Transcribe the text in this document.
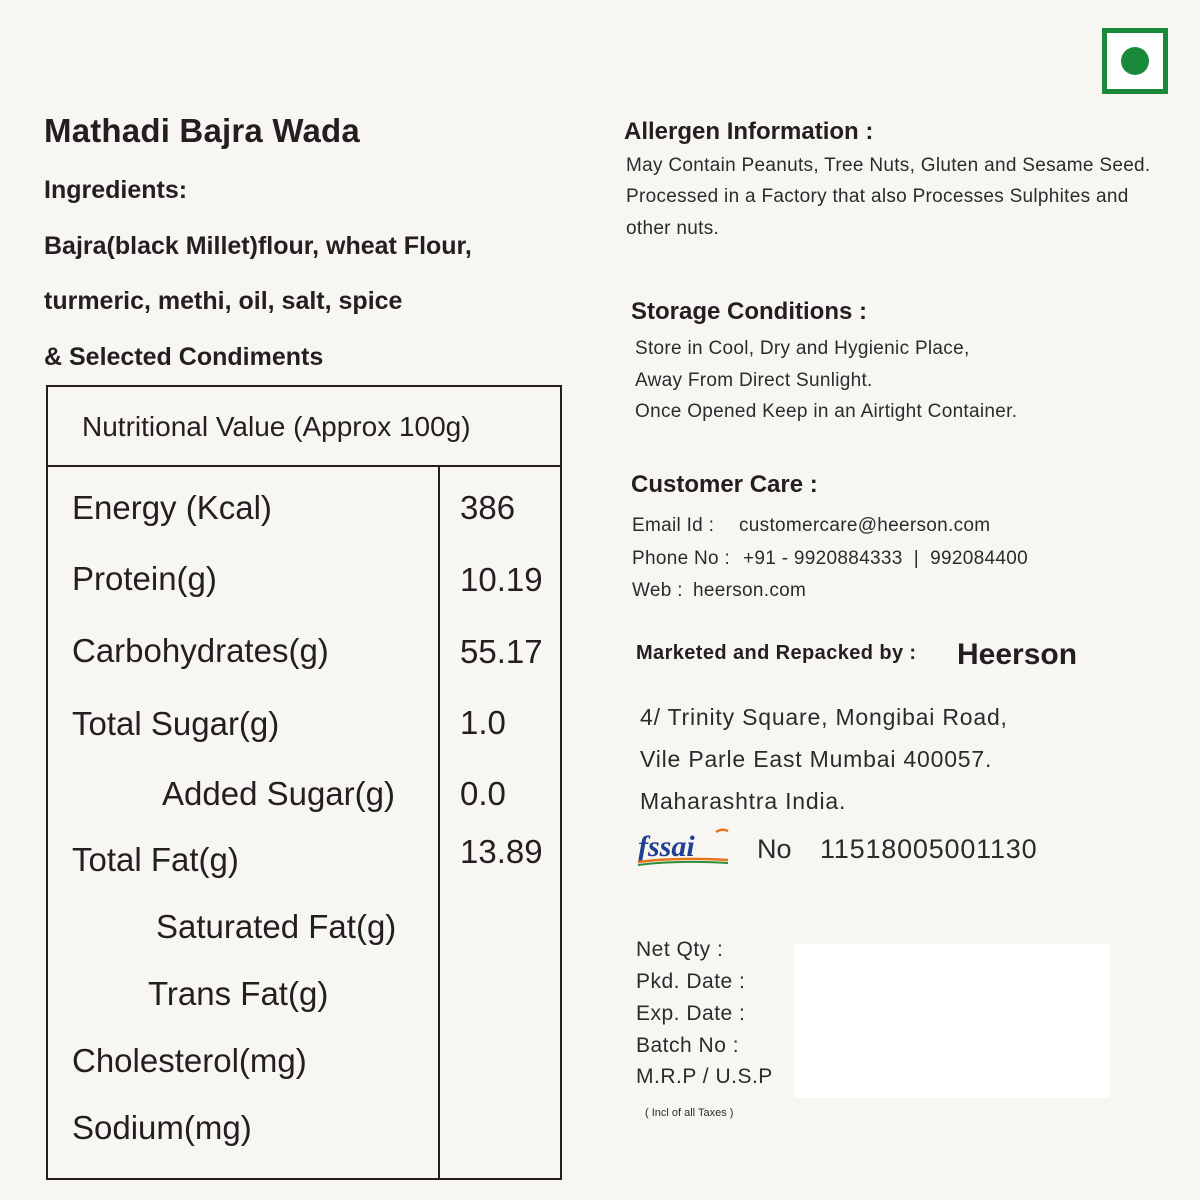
Mathadi Bajra Wada
Ingredients:
Bajra(black Millet)flour, wheat Flour,
turmeric, methi, oil, salt, spice
& Selected Condiments
Nutritional Value (Approx 100g)
Energy (Kcal)	386
Protein(g)	10.19
Carbohydrates(g)	55.17
Total Sugar(g)	1.0
Added Sugar(g) 0.0
Total Fat(g)	13.89
Saturated Fat(g)
Trans Fat(g)
Cholesterol(mg)
Sodium(mg)
Allergen Information :
May Contain Peanuts, Tree Nuts, Gluten and Sesame Seed.
Processed in a Factory that also Processes Sulphites and
other nuts.
Storage Conditions :
Store in Cool, Dry and Hygienic Place,
Away From Direct Sunlight.
Once Opened Keep in an Airtight Container.
Customer Care :
Email Id : customercare@heerson.com
Phone No : +91 - 9920884333  |  992084400
Web : heerson.com
Marketed and Repacked by : Heerson
4/ Trinity Square, Mongibai Road,
Vile Parle East Mumbai 400057.
Maharashtra India.
fssai No 11518005001130
Net Qty :
Pkd. Date :
Exp. Date :
Batch No :
M.R.P / U.S.P
( Incl of all Taxes )
